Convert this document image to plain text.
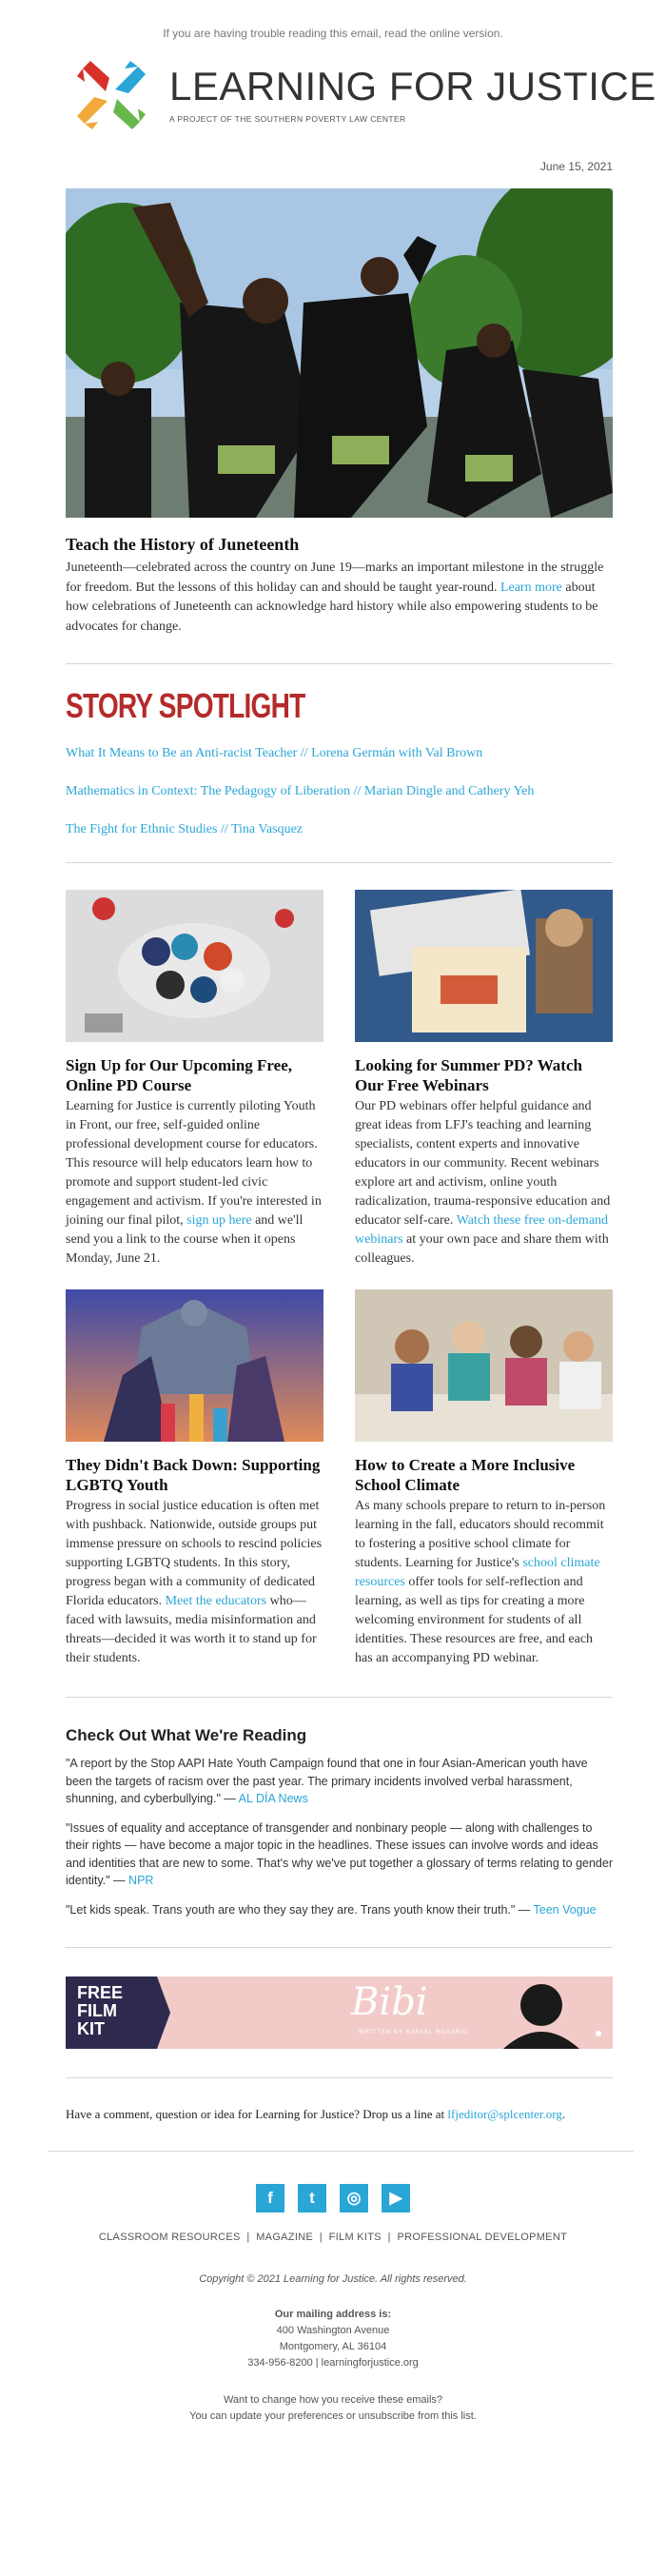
If you are having trouble reading this email, read the online version.
LEARNING FOR JUSTICE
A PROJECT OF THE SOUTHERN POVERTY LAW CENTER
June 15, 2021
Teach the History of Juneteenth

Juneteenth—celebrated across the country on June 19—marks an important milestone in the struggle for freedom. But the lessons of this holiday can and should be taught year-round. Learn more about how celebrations of Juneteenth can acknowledge hard history while also empowering students to be advocates for change.

STORY SPOTLIGHT
What It Means to Be an Anti-racist Teacher // Lorena Germán with Val Brown
Mathematics in Context: The Pedagogy of Liberation // Marian Dingle and Cathery Yeh
The Fight for Ethnic Studies // Tina Vasquez
Sign Up for Our Upcoming Free, Online PD Course

Learning for Justice is currently piloting Youth in Front, our free, self-guided online professional development course for educators. This resource will help educators learn how to promote and support student-led civic engagement and activism. If you're interested in joining our final pilot, sign up here and we'll send you a link to the course when it opens Monday, June 21.

Looking for Summer PD? Watch Our Free Webinars

Our PD webinars offer helpful guidance and great ideas from LFJ's teaching and learning specialists, content experts and innovative educators in our community. Recent webinars explore art and activism, online youth radicalization, trauma-responsive education and educator self-care. Watch these free on-demand webinars at your own pace and share them with colleagues.

They Didn't Back Down: Supporting LGBTQ Youth

Progress in social justice education is often met with pushback. Nationwide, outside groups put immense pressure on schools to rescind policies supporting LGBTQ students. In this story, progress began with a community of dedicated Florida educators. Meet the educators who—faced with lawsuits, media misinformation and threats—decided it was worth it to stand up for their students.

How to Create a More Inclusive School Climate

As many schools prepare to return to in-person learning in the fall, educators should recommit to fostering a positive school climate for students. Learning for Justice's school climate resources offer tools for self-reflection and learning, as well as tips for creating a more welcoming environment for students of all identities. These resources are free, and each has an accompanying PD webinar.

Check Out What We're Reading

"A report by the Stop AAPI Hate Youth Campaign found that one in four Asian-American youth have been the targets of racism over the past year. The primary incidents involved verbal harassment, shunning, and cyberbullying." — AL DÍA News

"Issues of equality and acceptance of transgender and nonbinary people — along with challenges to their rights — have become a major topic in the headlines. These issues can involve words and ideas and identities that are new to some. That's why we've put together a glossary of terms relating to gender identity." — NPR

"Let kids speak. Trans youth are who they say they are. Trans youth know their truth." — Teen Vogue

FREE
FILM
KIT
Bibi
WRITTEN BY RAFAEL ROSARIO

Have a comment, question or idea for Learning for Justice? Drop us a line at lfjeditor@splcenter.org.

f	t	◎	▶
CLASSROOM RESOURCES  |  MAGAZINE  |  FILM KITS  |  PROFESSIONAL DEVELOPMENT
Copyright © 2021 Learning for Justice. All rights reserved.
Our mailing address is:
400 Washington Avenue
Montgomery, AL 36104
334-956-8200 | learningforjustice.org
Want to change how you receive these emails?
You can update your preferences or unsubscribe from this list.
